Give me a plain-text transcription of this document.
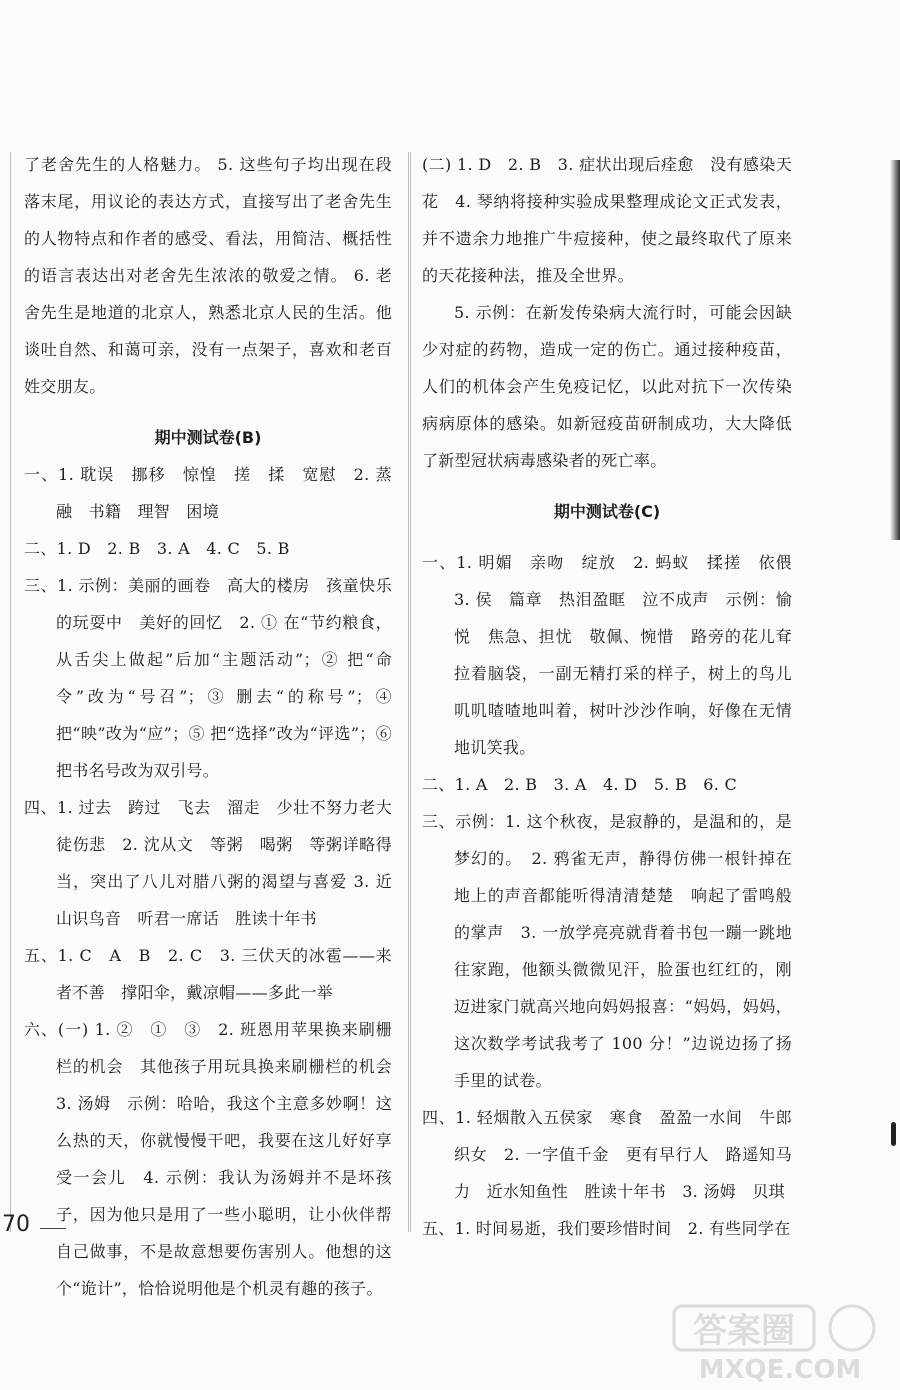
了老舍先生的人格魅力。 5. 这些句子均出现在段落末尾，用议论的表达方式，直接写出了老舍先生的人物特点和作者的感受、看法，用简洁、概括性的语言表达出对老舍先生浓浓的敬爱之情。 6. 老舍先生是地道的北京人，熟悉北京人民的生活。他谈吐自然、和蔼可亲，没有一点架子，喜欢和老百姓交朋友。

期中测试卷(B)

一、1. 耽误　挪移　惊惶　搓　揉　宽慰　2. 蒸融　书籍　理智　困境

二、1. D　2. B　3. A　4. C　5. B

三、1. 示例：美丽的画卷　高大的楼房　孩童快乐的玩耍中　美好的回忆　2. ① 在“节约粮食，从舌尖上做起”后加“主题活动”；② 把“命令”改为“号召”；③ 删去“的称号”；④ 把“映”改为“应”；⑤ 把“选择”改为“评选”；⑥ 把书名号改为双引号。

四、1. 过去　跨过　飞去　溜走　少壮不努力老大徒伤悲　2. 沈从文　等粥　喝粥　等粥详略得当，突出了八儿对腊八粥的渴望与喜爱 3. 近山识鸟音　听君一席话　胜读十年书

五、1. C　A　B　2. C　3. 三伏天的冰雹——来者不善　撑阳伞，戴凉帽——多此一举

六、(一) 1. ②　①　③　2. 班恩用苹果换来刷栅栏的机会　其他孩子用玩具换来刷栅栏的机会 3. 汤姆　示例：哈哈，我这个主意多妙啊！这么热的天，你就慢慢干吧，我要在这儿好好享受一会儿　4. 示例：我认为汤姆并不是坏孩子，因为他只是用了一些小聪明，让小伙伴帮自己做事，不是故意想要伤害别人。他想的这个“诡计”，恰恰说明他是个机灵有趣的孩子。

(二) 1. D　2. B　3. 症状出现后痊愈　没有感染天花　4. 琴纳将接种实验成果整理成论文正式发表，并不遗余力地推广牛痘接种，使之最终取代了原来的天花接种法，推及全世界。

5. 示例：在新发传染病大流行时，可能会因缺少对症的药物，造成一定的伤亡。通过接种疫苗，人们的机体会产生免疫记忆，以此对抗下一次传染病病原体的感染。如新冠疫苗研制成功，大大降低了新型冠状病毒感染者的死亡率。

期中测试卷(C)

一、1. 明媚　亲吻　绽放　2. 蚂蚁　揉搓　依偎 3. 侯　篇章　热泪盈眶　泣不成声　示例：愉悦　焦急、担忧　敬佩、惋惜　路旁的花儿耷拉着脑袋，一副无精打采的样子，树上的鸟儿叽叽喳喳地叫着，树叶沙沙作响，好像在无情地讥笑我。

二、1. A　2. B　3. A　4. D　5. B　6. C

三、示例：1. 这个秋夜，是寂静的，是温和的，是梦幻的。　2. 鸦雀无声，静得仿佛一根针掉在地上的声音都能听得清清楚楚　响起了雷鸣般的掌声　3. 一放学亮亮就背着书包一蹦一跳地往家跑，他额头微微见汗，脸蛋也红红的，刚迈进家门就高兴地向妈妈报喜：“妈妈，妈妈，这次数学考试我考了 100 分！”边说边扬了扬手里的试卷。

四、1. 轻烟散入五侯家　寒食　盈盈一水间　牛郎织女　2. 一字值千金　更有早行人　路遥知马力　近水知鱼性　胜读十年书　3. 汤姆　贝琪

五、1. 时间易逝，我们要珍惜时间　2. 有些同学在

70
答案圈
MXQE.COM
